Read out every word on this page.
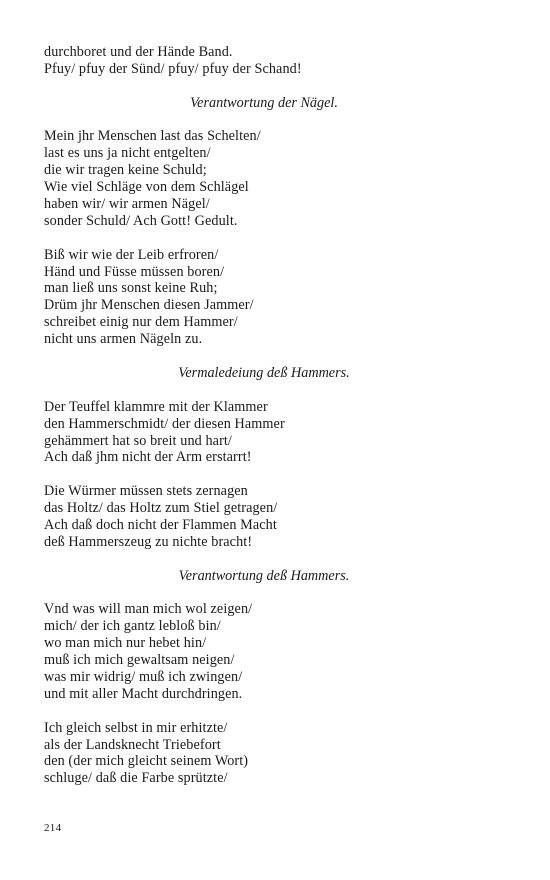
durchboret und der Hände Band.
Pfuy/ pfuy der Sünd/ pfuy/ pfuy der Schand!
Verantwortung der Nägel.
Mein jhr Menschen last das Schelten/
last es uns ja nicht entgelten/
die wir tragen keine Schuld;
Wie viel Schläge von dem Schlägel
haben wir/ wir armen Nägel/
sonder Schuld/ Ach Gott! Gedult.
Biß wir wie der Leib erfroren/
Händ und Füsse müssen boren/
man ließ uns sonst keine Ruh;
Drüm jhr Menschen diesen Jammer/
schreibet einig nur dem Hammer/
nicht uns armen Nägeln zu.
Vermaledeiung deß Hammers.
Der Teuffel klammre mit der Klammer
den Hammerschmidt/ der diesen Hammer
gehämmert hat so breit und hart/
Ach daß jhm nicht der Arm erstarrt!
Die Würmer müssen stets zernagen
das Holtz/ das Holtz zum Stiel getragen/
Ach daß doch nicht der Flammen Macht
deß Hammerszeug zu nichte bracht!
Verantwortung deß Hammers.
Vnd was will man mich wol zeigen/
mich/ der ich gantz lebloß bin/
wo man mich nur hebet hin/
muß ich mich gewaltsam neigen/
was mir widrig/ muß ich zwingen/
und mit aller Macht durchdringen.
Ich gleich selbst in mir erhitzte/
als der Landsknecht Triebefort
den (der mich gleicht seinem Wort)
schluge/ daß die Farbe sprützte/
214
